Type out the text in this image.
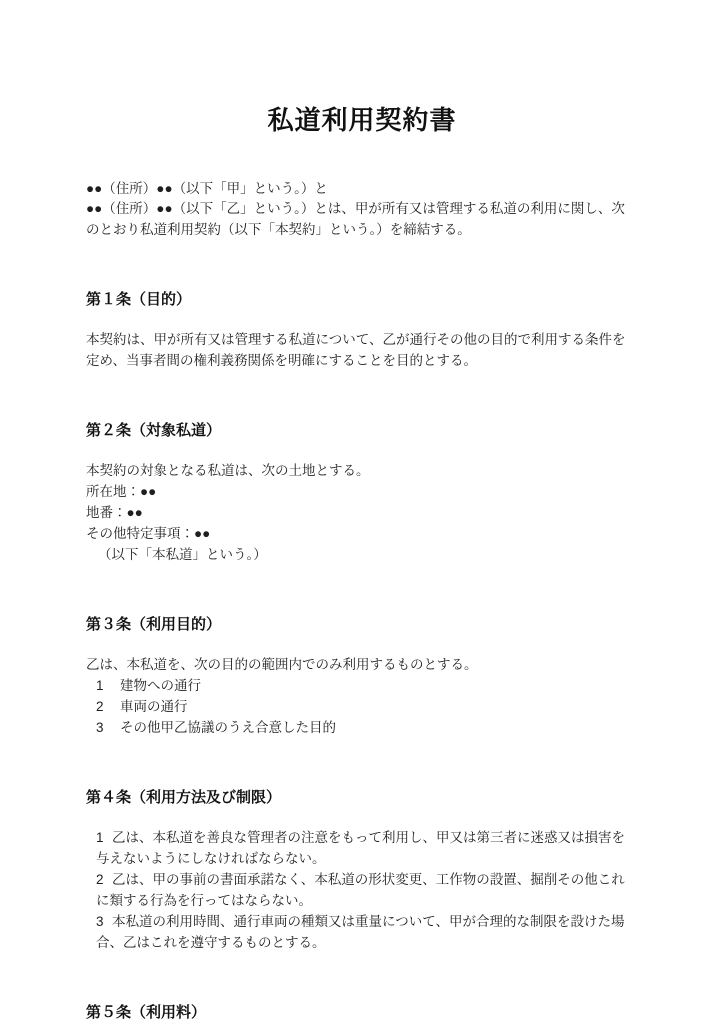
私道利用契約書
●●（住所）●●（以下「甲」という。）と
●●（住所）●●（以下「乙」という。）とは、甲が所有又は管理する私道の利用に関し、次のとおり私道利用契約（以下「本契約」という。）を締結する。
第１条（目的）

本契約は、甲が所有又は管理する私道について、乙が通行その他の目的で利用する条件を定め、当事者間の権利義務関係を明確にすることを目的とする。

第２条（対象私道）
本契約の対象となる私道は、次の土地とする。
所在地：●●
地番：●●
その他特定事項：●●
（以下「本私道」という。）
第３条（利用目的）
乙は、本私道を、次の目的の範囲内でのみ利用するものとする。
1 建物への通行
2 車両の通行
3 その他甲乙協議のうえ合意した目的
第４条（利用方法及び制限）
1 乙は、本私道を善良な管理者の注意をもって利用し、甲又は第三者に迷惑又は損害を与えないようにしなければならない。
2 乙は、甲の事前の書面承諾なく、本私道の形状変更、工作物の設置、掘削その他これに類する行為を行ってはならない。
3 本私道の利用時間、通行車両の種類又は重量について、甲が合理的な制限を設けた場合、乙はこれを遵守するものとする。
第５条（利用料）
